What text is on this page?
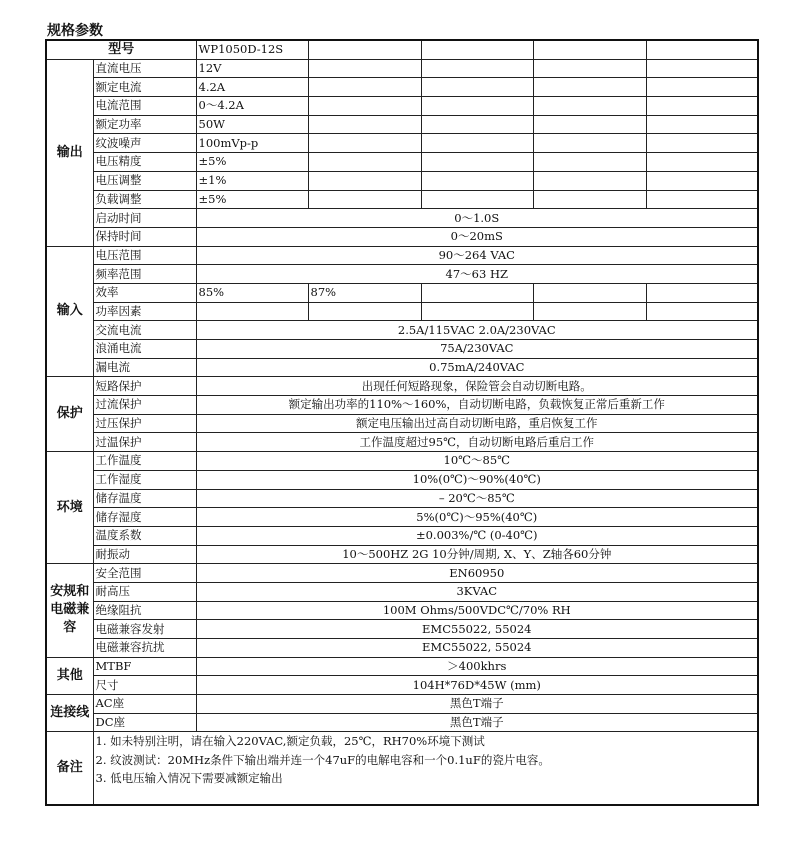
规格参数
型号		WP1050D-12S				
输出	直流电压	12V				
	额定电流	4.2A				
	电流范围	0～4.2A				
	额定功率	50W				
	纹波噪声	100mVp-p				
	电压精度	±5%				
	电压调整	±1%				
	负载调整	±5%				
	启动时间	0～1.0S				
	保持时间	0～20mS				
输入	电压范围	90～264 VAC				
	频率范围	47～63 HZ				
	效率	85%	87%			
	功率因素					
	交流电流	2.5A/115VAC 2.0A/230VAC				
	浪涌电流	75A/230VAC				
	漏电流	0.75mA/240VAC				
保护	短路保护	出现任何短路现象，保险管会自动切断电路。				
	过流保护	额定输出功率的110%～160%，自动切断电路，负载恢复正常后重新工作				
	过压保护	额定电压输出过高自动切断电路，重启恢复工作				
	过温保护	工作温度超过95℃，自动切断电路后重启工作				
环境	工作温度	10℃～85℃				
	工作湿度	10%(0℃)～90%(40℃)				
	储存温度	– 20℃～85℃				
	储存湿度	5%(0℃)～95%(40℃)				
	温度系数	±0.003%/℃ (0-40℃)				
	耐振动	10～500HZ 2G 10分钟/周期, X、Y、Z轴各60分钟				
安规和电磁兼容	安全范围	EN60950				
	耐高压	3KVAC				
	绝缘阻抗	100M Ohms/500VDC℃/70% RH				
	电磁兼容发射	EMC55022, 55024				
	电磁兼容抗扰	EMC55022, 55024				
其他	MTBF	＞400khrs				
	尺寸	104H*76D*45W (mm)				
连接线	AC座	黑色T端子				
	DC座	黑色T端子				
备注	1. 如未特别注明，请在输入220VAC,额定负载，25℃，RH70%环境下测试
2. 纹波测试：20MHz条件下输出端并连一个47uF的电解电容和一个0.1uF的瓷片电容。
3. 低电压输入情况下需要减额定输出					
